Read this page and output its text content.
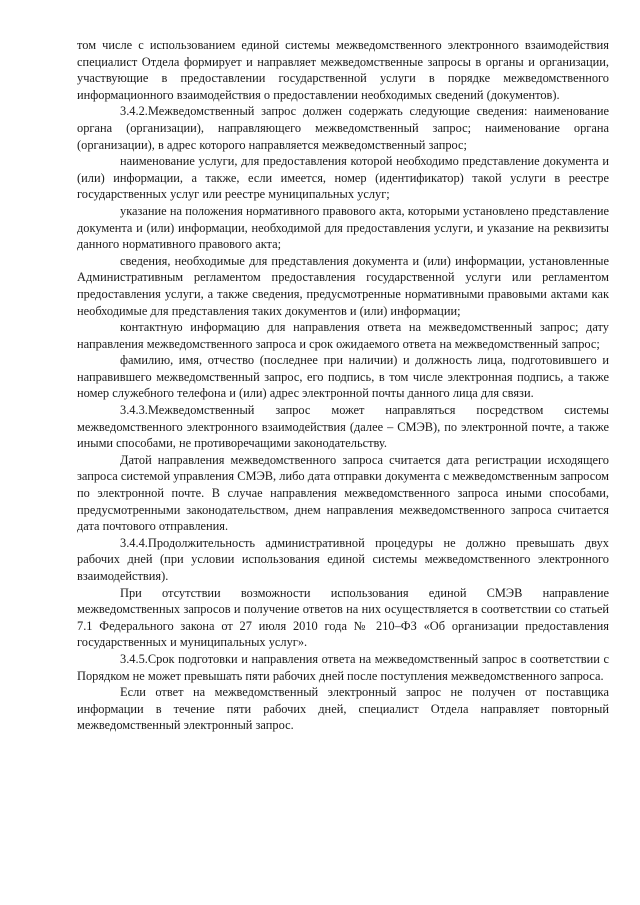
том числе с использованием единой системы межведомственного электронного взаимодействия специалист Отдела формирует и направляет межведомственные запросы в органы и организации, участвующие в предоставлении государственной услуги в порядке межведомственного информационного взаимодействия о предоставлении необходимых сведений (документов).

3.4.2.Межведомственный запрос должен содержать следующие сведения: наименование органа (организации), направляющего межведомственный запрос; наименование органа (организации), в адрес которого направляется межведомственный запрос;

наименование услуги, для предоставления которой необходимо представление документа и (или) информации, а также, если имеется, номер (идентификатор) такой услуги в реестре государственных услуг или реестре муниципальных услуг;

указание на положения нормативного правового акта, которыми установлено представление документа и (или) информации, необходимой для предоставления услуги, и указание на реквизиты данного нормативного правового акта;

сведения, необходимые для представления документа и (или) информации, установленные Административным регламентом предоставления государственной услуги или регламентом предоставления услуги, а также сведения, предусмотренные нормативными правовыми актами как необходимые для представления таких документов и (или) информации;

контактную информацию для направления ответа на межведомственный запрос; дату направления межведомственного запроса и срок ожидаемого ответа на межведомственный запрос;

фамилию, имя, отчество (последнее при наличии) и должность лица, подготовившего и направившего межведомственный запрос, его подпись, в том числе электронная подпись, а также номер служебного телефона и (или) адрес электронной почты данного лица для связи.

3.4.3.Межведомственный запрос может направляться посредством системы межведомственного электронного взаимодействия (далее – СМЭВ), по электронной почте, а также иными способами, не противоречащими законодательству.

Датой направления межведомственного запроса считается дата регистрации исходящего запроса системой управления СМЭВ, либо дата отправки документа с межведомственным запросом по электронной почте. В случае направления межведомственного запроса иными способами, предусмотренными законодательством, днем направления межведомственного запроса считается дата почтового отправления.

3.4.4.Продолжительность административной процедуры не должно превышать двух рабочих дней (при условии использования единой системы межведомственного электронного взаимодействия).

При отсутствии возможности использования единой СМЭВ направление межведомственных запросов и получение ответов на них осуществляется в соответствии со статьей 7.1 Федерального закона от 27 июля 2010 года № 210–ФЗ «Об организации предоставления государственных и муниципальных услуг».

3.4.5.Срок подготовки и направления ответа на межведомственный запрос в соответствии с Порядком не может превышать пяти рабочих дней после поступления межведомственного запроса.

Если ответ на межведомственный электронный запрос не получен от поставщика информации в течение пяти рабочих дней, специалист Отдела направляет повторный межведомственный электронный запрос.
